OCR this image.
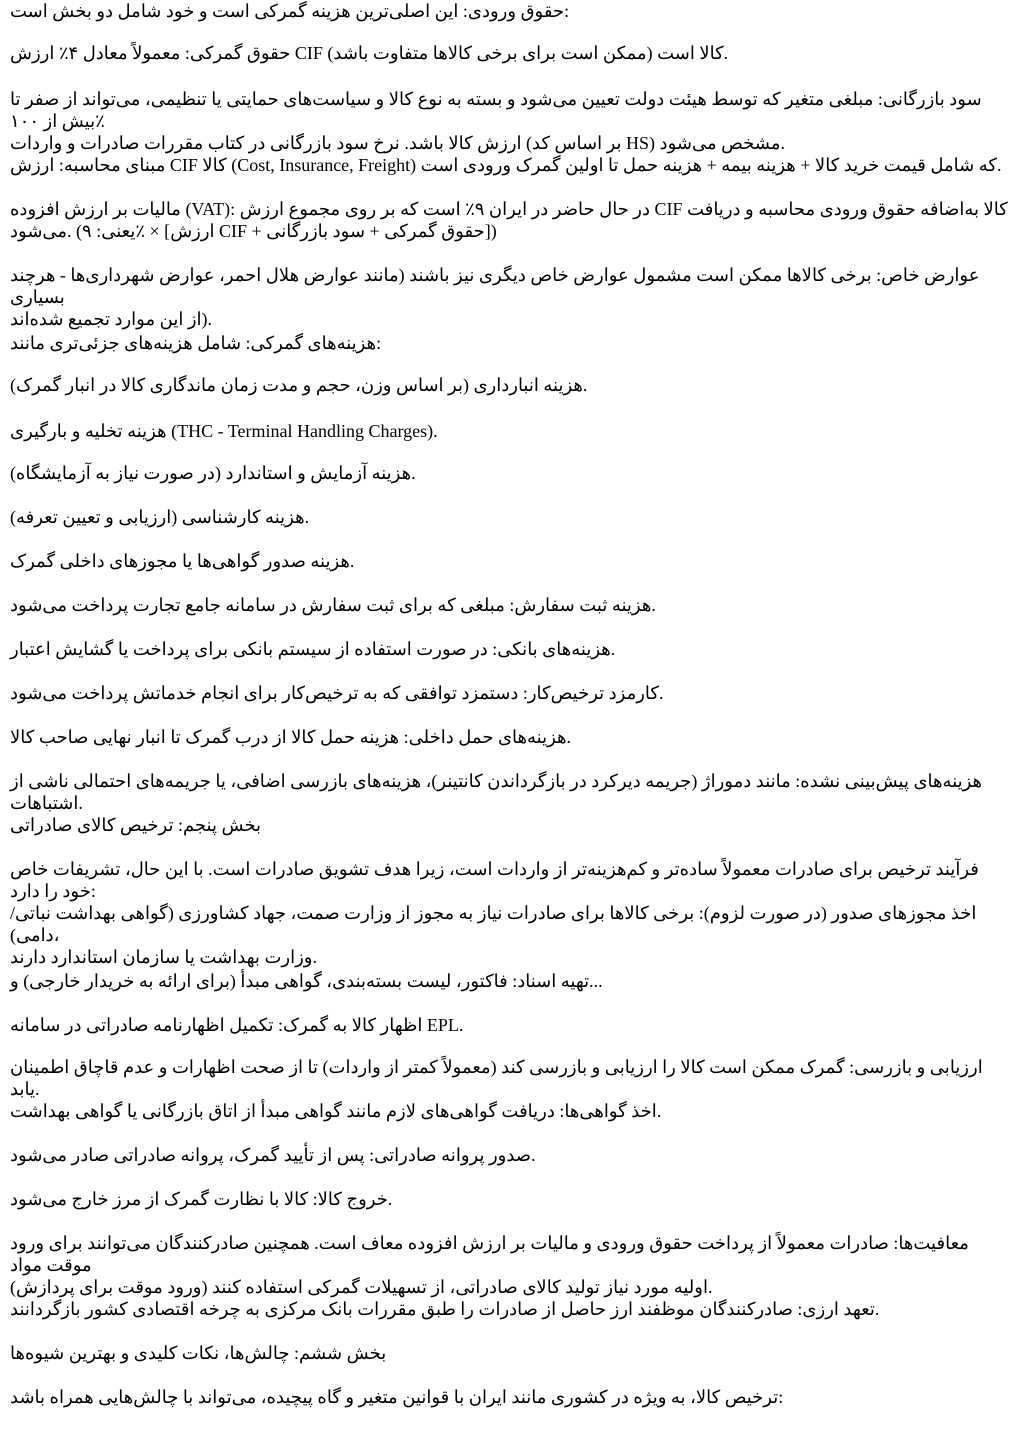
حقوق ورودی: این اصلی‌ترین هزینه گمرکی است و خود شامل دو بخش است:

حقوق گمرکی: معمولاً معادل ۴٪ ارزش CIF کالا است (ممکن است برای برخی کالاها متفاوت باشد).

سود بازرگانی: مبلغی متغیر که توسط هیئت دولت تعیین می‌شود و بسته به نوع کالا و سیاست‌های حمایتی یا تنظیمی، می‌تواند از صفر تا بیش از ۱۰۰٪
ارزش کالا باشد. نرخ سود بازرگانی در کتاب مقررات صادرات و واردات (بر اساس کد HS) مشخص می‌شود.

مبنای محاسبه: ارزش CIF کالا (Cost, Insurance, Freight) که شامل قیمت خرید کالا + هزینه بیمه + هزینه حمل تا اولین گمرک ورودی است.

مالیات بر ارزش افزوده (VAT): در حال حاضر در ایران ۹٪ است که بر روی مجموع ارزش CIF کالا به‌اضافه حقوق ورودی محاسبه و دریافت
می‌شود. (یعنی: ۹٪ × [ارزش CIF + حقوق گمرکی + سود بازرگانی])

عوارض خاص: برخی کالاها ممکن است مشمول عوارض خاص دیگری نیز باشند (مانند عوارض هلال احمر، عوارض شهرداری‌ها - هرچند بسیاری
از این موارد تجمیع شده‌اند).

هزینه‌های گمرکی: شامل هزینه‌های جزئی‌تری مانند:

هزینه انبارداری (بر اساس وزن، حجم و مدت زمان ماندگاری کالا در انبار گمرک).

هزینه تخلیه و بارگیری (THC - Terminal Handling Charges).

هزینه آزمایش و استاندارد (در صورت نیاز به آزمایشگاه).

هزینه کارشناسی (ارزیابی و تعیین تعرفه).

هزینه صدور گواهی‌ها یا مجوزهای داخلی گمرک.

هزینه ثبت سفارش: مبلغی که برای ثبت سفارش در سامانه جامع تجارت پرداخت می‌شود.

هزینه‌های بانکی: در صورت استفاده از سیستم بانکی برای پرداخت یا گشایش اعتبار.

کارمزد ترخیص‌کار: دستمزد توافقی که به ترخیص‌کار برای انجام خدماتش پرداخت می‌شود.

هزینه‌های حمل داخلی: هزینه حمل کالا از درب گمرک تا انبار نهایی صاحب کالا.

هزینه‌های پیش‌بینی نشده: مانند دموراژ (جریمه دیرکرد در بازگرداندن کانتینر)، هزینه‌های بازرسی اضافی، یا جریمه‌های احتمالی ناشی از اشتباهات.

بخش پنجم: ترخیص کالای صادراتی

فرآیند ترخیص برای صادرات معمولاً ساده‌تر و کم‌هزینه‌تر از واردات است، زیرا هدف تشویق صادرات است. با این حال، تشریفات خاص خود را دارد:

اخذ مجوزهای صدور (در صورت لزوم): برخی کالاها برای صادرات نیاز به مجوز از وزارت صمت، جهاد کشاورزی (گواهی بهداشت نباتی/دامی)،
وزارت بهداشت یا سازمان استاندارد دارند.

تهیه اسناد: فاکتور، لیست بسته‌بندی، گواهی مبدأ (برای ارائه به خریدار خارجی) و...

اظهار کالا به گمرک: تکمیل اظهارنامه صادراتی در سامانه EPL.

ارزیابی و بازرسی: گمرک ممکن است کالا را ارزیابی و بازرسی کند (معمولاً کمتر از واردات) تا از صحت اظهارات و عدم قاچاق اطمینان یابد.

اخذ گواهی‌ها: دریافت گواهی‌های لازم مانند گواهی مبدأ از اتاق بازرگانی یا گواهی بهداشت.

صدور پروانه صادراتی: پس از تأیید گمرک، پروانه صادراتی صادر می‌شود.

خروج کالا: کالا با نظارت گمرک از مرز خارج می‌شود.

معافیت‌ها: صادرات معمولاً از پرداخت حقوق ورودی و مالیات بر ارزش افزوده معاف است. همچنین صادرکنندگان می‌توانند برای ورود موقت مواد
اولیه مورد نیاز تولید کالای صادراتی، از تسهیلات گمرکی استفاده کنند (ورود موقت برای پردازش).

تعهد ارزی: صادرکنندگان موظفند ارز حاصل از صادرات را طبق مقررات بانک مرکزی به چرخه اقتصادی کشور بازگردانند.

بخش ششم: چالش‌ها، نکات کلیدی و بهترین شیوه‌ها

ترخیص کالا، به ویژه در کشوری مانند ایران با قوانین متغیر و گاه پیچیده، می‌تواند با چالش‌هایی همراه باشد:
